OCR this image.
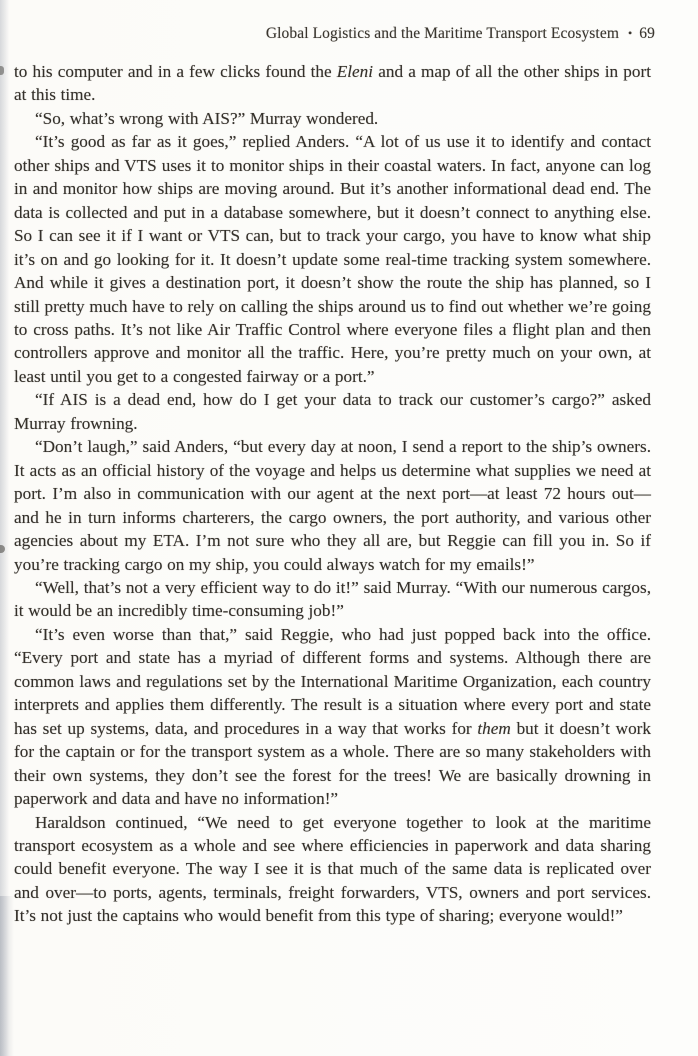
Global Logistics and the Maritime Transport Ecosystem • 69

to his computer and in a few clicks found the Eleni and a map of all the other ships in port at this time.

“So, what’s wrong with AIS?” Murray wondered.

“It’s good as far as it goes,” replied Anders. “A lot of us use it to identify and contact other ships and VTS uses it to monitor ships in their coastal waters. In fact, anyone can log in and monitor how ships are moving around. But it’s another informational dead end. The data is collected and put in a database somewhere, but it doesn’t connect to anything else. So I can see it if I want or VTS can, but to track your cargo, you have to know what ship it’s on and go looking for it. It doesn’t update some real-time tracking system somewhere. And while it gives a destination port, it doesn’t show the route the ship has planned, so I still pretty much have to rely on calling the ships around us to find out whether we’re going to cross paths. It’s not like Air Traffic Control where everyone files a flight plan and then controllers approve and monitor all the traffic. Here, you’re pretty much on your own, at least until you get to a congested fairway or a port.”

“If AIS is a dead end, how do I get your data to track our customer’s cargo?” asked Murray frowning.

“Don’t laugh,” said Anders, “but every day at noon, I send a report to the ship’s owners. It acts as an official history of the voyage and helps us determine what supplies we need at port. I’m also in communication with our agent at the next port—at least 72 hours out—and he in turn informs charterers, the cargo owners, the port authority, and various other agencies about my ETA. I’m not sure who they all are, but Reggie can fill you in. So if you’re tracking cargo on my ship, you could always watch for my emails!”

“Well, that’s not a very efficient way to do it!” said Murray. “With our numerous cargos, it would be an incredibly time-consuming job!”

“It’s even worse than that,” said Reggie, who had just popped back into the office. “Every port and state has a myriad of different forms and systems. Although there are common laws and regulations set by the International Maritime Organization, each country interprets and applies them differently. The result is a situation where every port and state has set up systems, data, and procedures in a way that works for them but it doesn’t work for the captain or for the transport system as a whole. There are so many stakeholders with their own systems, they don’t see the forest for the trees! We are basically drowning in paperwork and data and have no information!”

Haraldson continued, “We need to get everyone together to look at the maritime transport ecosystem as a whole and see where efficiencies in paperwork and data sharing could benefit everyone. The way I see it is that much of the same data is replicated over and over—to ports, agents, terminals, freight forwarders, VTS, owners and port services. It’s not just the captains who would benefit from this type of sharing; everyone would!”
